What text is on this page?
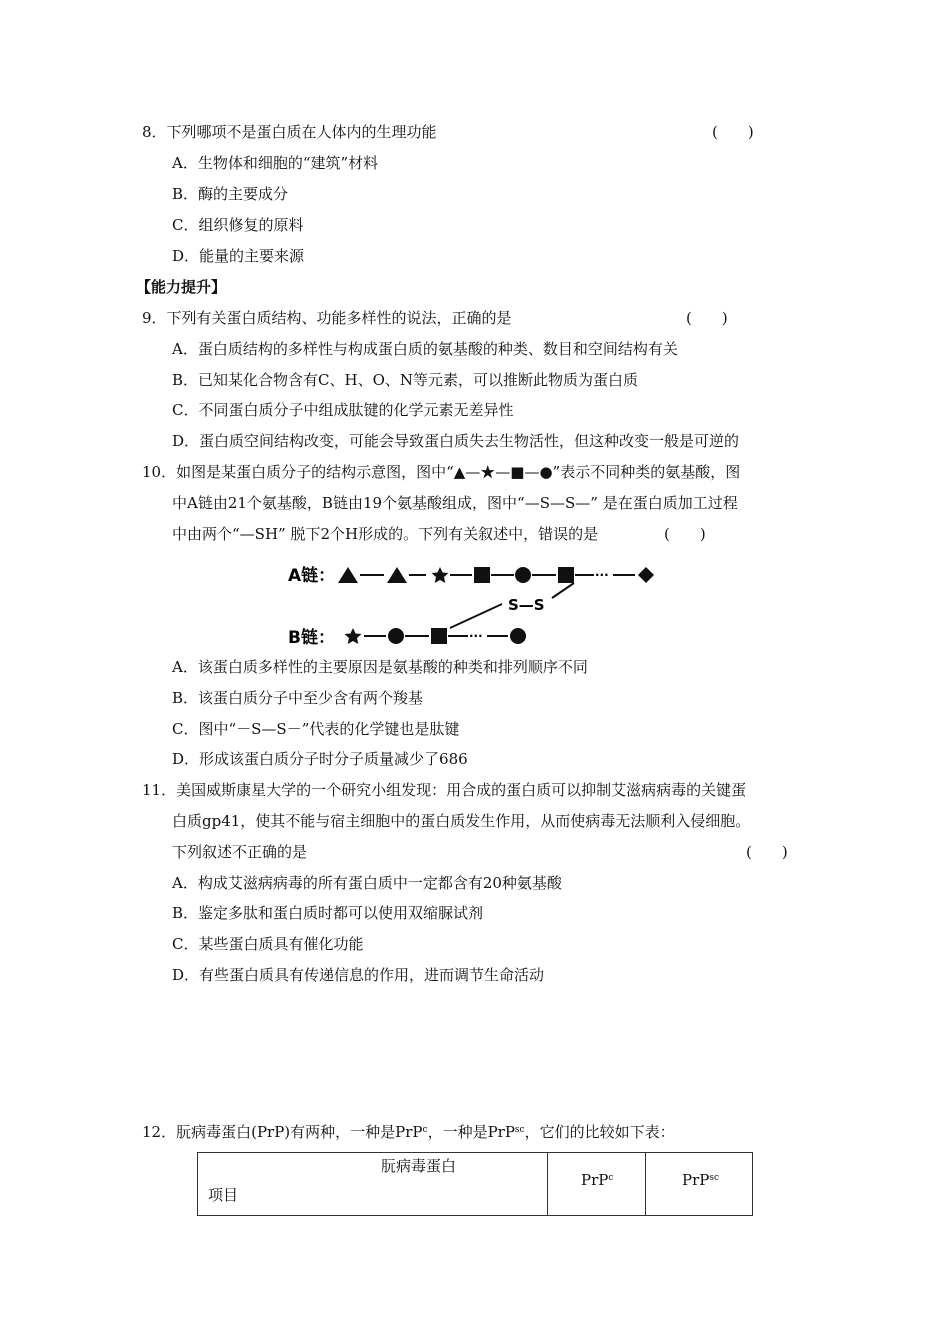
8．下列哪项不是蛋白质在人体内的生理功能	(　　)
A．生物体和细胞的“建筑”材料
B．酶的主要成分
C．组织修复的原料
D．能量的主要来源
【能力提升】
9．下列有关蛋白质结构、功能多样性的说法，正确的是	(　　)
A．蛋白质结构的多样性与构成蛋白质的氨基酸的种类、数目和空间结构有关
B．已知某化合物含有C、H、O、N等元素，可以推断此物质为蛋白质
C．不同蛋白质分子中组成肽键的化学元素无差异性
D．蛋白质空间结构改变，可能会导致蛋白质失去生物活性，但这种改变一般是可逆的
10．如图是某蛋白质分子的结构示意图，图中“▲—★—■—●”表示不同种类的氨基酸，图
中A链由21个氨基酸，B链由19个氨基酸组成，图中“—S—S—” 是在蛋白质加工过程
中由两个“—SH” 脱下2个H形成的。下列有关叙述中，错误的是	(　　)
A链：	···
S—S
B链：	···
A．该蛋白质多样性的主要原因是氨基酸的种类和排列顺序不同
B．该蛋白质分子中至少含有两个羧基
C．图中“－S—S－”代表的化学键也是肽键
D．形成该蛋白质分子时分子质量减少了686
11．美国威斯康星大学的一个研究小组发现：用合成的蛋白质可以抑制艾滋病病毒的关键蛋
白质gp41，使其不能与宿主细胞中的蛋白质发生作用，从而使病毒无法顺利入侵细胞。
下列叙述不正确的是	(　　)
A．构成艾滋病病毒的所有蛋白质中一定都含有20种氨基酸
B．鉴定多肽和蛋白质时都可以使用双缩脲试剂
C．某些蛋白质具有催化功能
D．有些蛋白质具有传递信息的作用，进而调节生命活动
12．朊病毒蛋白(PrP)有两种，一种是PrP$^c$，一种是PrP$^{sc}$，它们的比较如下表：
朊病毒蛋白
项目
PrP$^c$	PrP$^{sc}$
